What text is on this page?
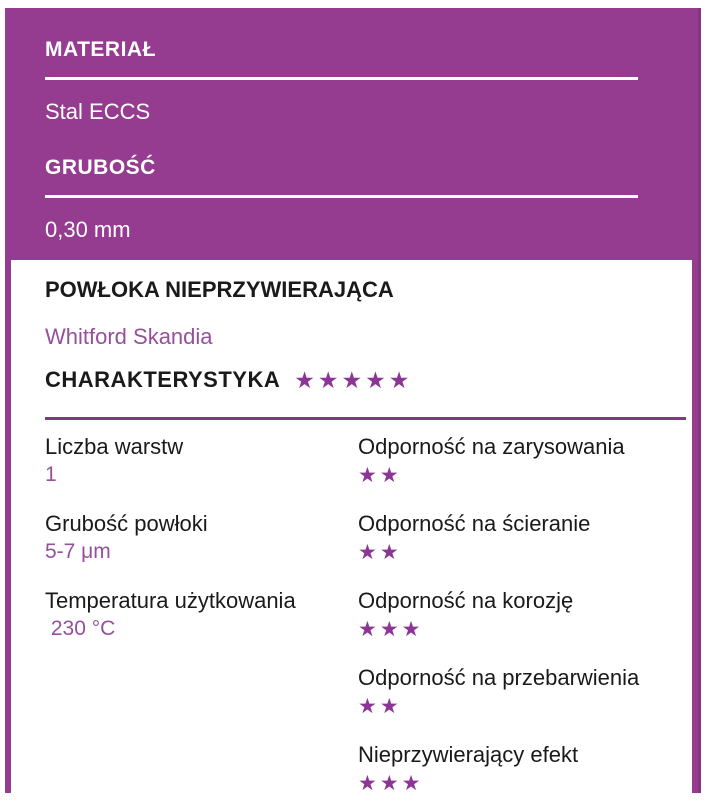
MATERIAŁ
Stal ECCS
GRUBOŚĆ
0,30 mm
POWŁOKA NIEPRZYWIERAJĄCA
Whitford Skandia
CHARAKTERYSTYKA ★★★★★
Liczba warstw
1
Grubość powłoki
5-7 μm
Temperatura użytkowania
230 °C
Odporność na zarysowania
★★
Odporność na ścieranie
★★
Odporność na korozję
★★★
Odporność na przebarwienia
★★
Nieprzywierający efekt
★★★
